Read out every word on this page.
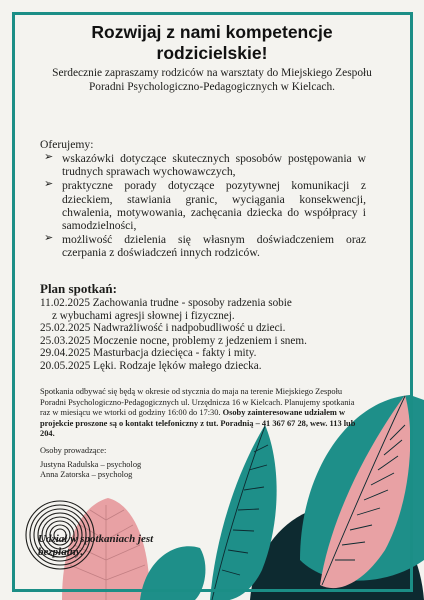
Rozwijaj z nami kompetencje rodzicielskie!

Serdecznie zapraszamy rodziców na warsztaty do Miejskiego Zespołu Poradni Psychologiczno-Pedagogicznych w Kielcach.

Oferujemy:

➢ wskazówki dotyczące skutecznych sposobów postępowania w trudnych sprawach wychowawczych,
➢ praktyczne porady dotyczące pozytywnej komunikacji z dzieckiem, stawiania granic, wyciągania konsekwencji, chwalenia, motywowania, zachęcania dziecka do współpracy i samodzielności,
➢ możliwość dzielenia się własnym doświadczeniem oraz czerpania z doświadczeń innych rodziców.
Plan spotkań:
11.02.2025 Zachowania trudne - sposoby radzenia sobie
z wybuchami agresji słownej i fizycznej.
25.02.2025 Nadwrażliwość i nadpobudliwość u dzieci.
25.03.2025 Moczenie nocne, problemy z jedzeniem i snem.
29.04.2025 Masturbacja dziecięca - fakty i mity.
20.05.2025 Lęki. Rodzaje lęków małego dziecka.

Spotkania odbywać się będą w okresie od stycznia do maja na terenie Miejskiego Zespołu Poradni Psychologiczno-Pedagogicznych ul. Urzędnicza 16 w Kielcach. Planujemy spotkania raz w miesiącu we wtorki od godziny 16:00 do 17:30. Osoby zainteresowane udziałem w projekcie proszone są o kontakt telefoniczny z tut. Poradnią – 41 367 67 28, wew. 113 lub 204.

Osoby prowadzące:

Justyna Radulska – psycholog
Anna Zatorska – psycholog

Udział w spotkaniach jest bezpłatny.
